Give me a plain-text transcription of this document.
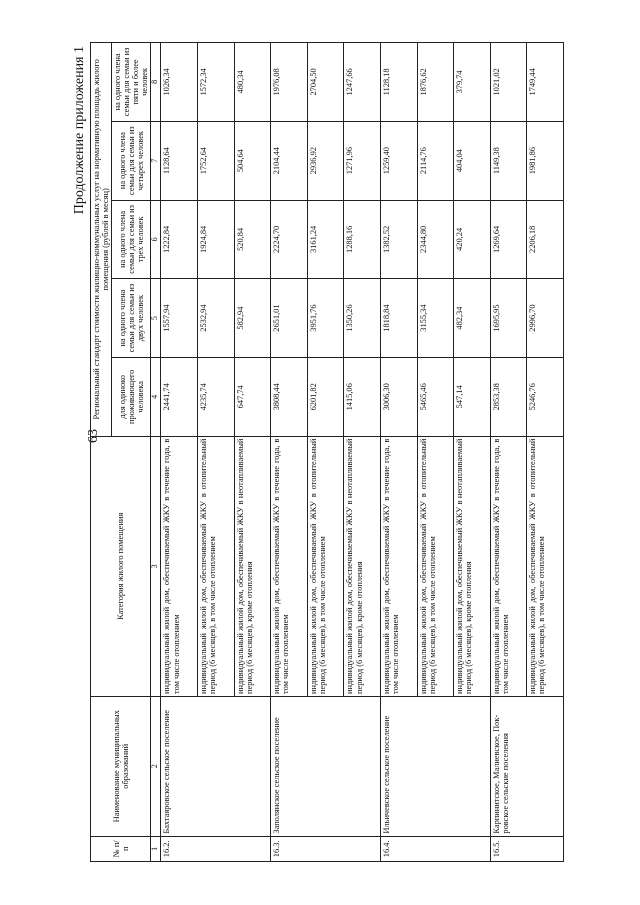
63
Продолжение приложения 1
№ п/п	Наименование муниципальных образований	Категория жилого помещения	Региональный стандарт стоимости жилищно-коммунальных услуг на нормативную площадь жилого помещения (рублей в месяц)				
			для одиноко проживающего человека	на одного члена семьи для семьи из двух человек	на одного члена семьи для семьи из трех человек	на одного члена семьи для семьи из четырех человек	на одного члена семьи для семьи из пяти и более человек
1	2	3	4	5	6	7	8
16.2.	Бахтаяровское сельское поселение	индивидуальный жилой дом, обеспечиваемый ЖКУ в течение года, в том числе отоплением	2441,74	1557,94	1222,84	1128,64	1026,34
		индивидуальный жилой дом, обеспечиваемый ЖКУ в отопительный период (6 месяцев), в том числе отоплением	4235,74	2532,94	1924,84	1752,64	1572,34
		индивидуальный жилой дом, обеспечиваемый ЖКУ в неотапливаемый период (6 месяцев), кроме отопления	647,74	582,94	520,84	504,64	480,34
16.3.	Заполянское сельское поселение	индивидуальный жилой дом, обеспечиваемый ЖКУ в течение года, в том числе отоплением	3808,44	2651,01	2224,70	2104,44	1976,08
		индивидуальный жилой дом, обеспечиваемый ЖКУ в отопительный период (6 месяцев), в том числе отоплением	6201,82	3951,76	3161,24	2936,92	2704,50
		индивидуальный жилой дом, обеспечиваемый ЖКУ в неотапливаемый период (6 месяцев), кроме отопления	1415,06	1350,26	1288,16	1271,96	1247,66
16.4.	Ильичевское сельское поселение	индивидуальный жилой дом, обеспечиваемый ЖКУ в течение года, в том числе отоплением	3006,30	1818,84	1382,52	1259,40	1128,18
		индивидуальный жилой дом, обеспечиваемый ЖКУ в отопительный период (6 месяцев), в том числе отоплением	5465,46	3155,34	2344,80	2114,76	1876,62
		индивидуальный жилой дом, обеспечиваемый ЖКУ в неотапливаемый период (6 месяцев), кроме отопления	547,14	482,34	420,24	404,04	379,74
16.5.	Карпинитское, Малиевское, Пок-ровское сельские поселения	индивидуальный жилой дом, обеспечиваемый ЖКУ в течение года, в том числе отоплением	2853,38	1695,95	1269,64	1149,38	1021,02
		индивидуальный жилой дом, обеспечиваемый ЖКУ в отопительный период (6 месяцев), в том числе отоплением	5246,76	2996,70	2206,18	1981,86	1749,44
